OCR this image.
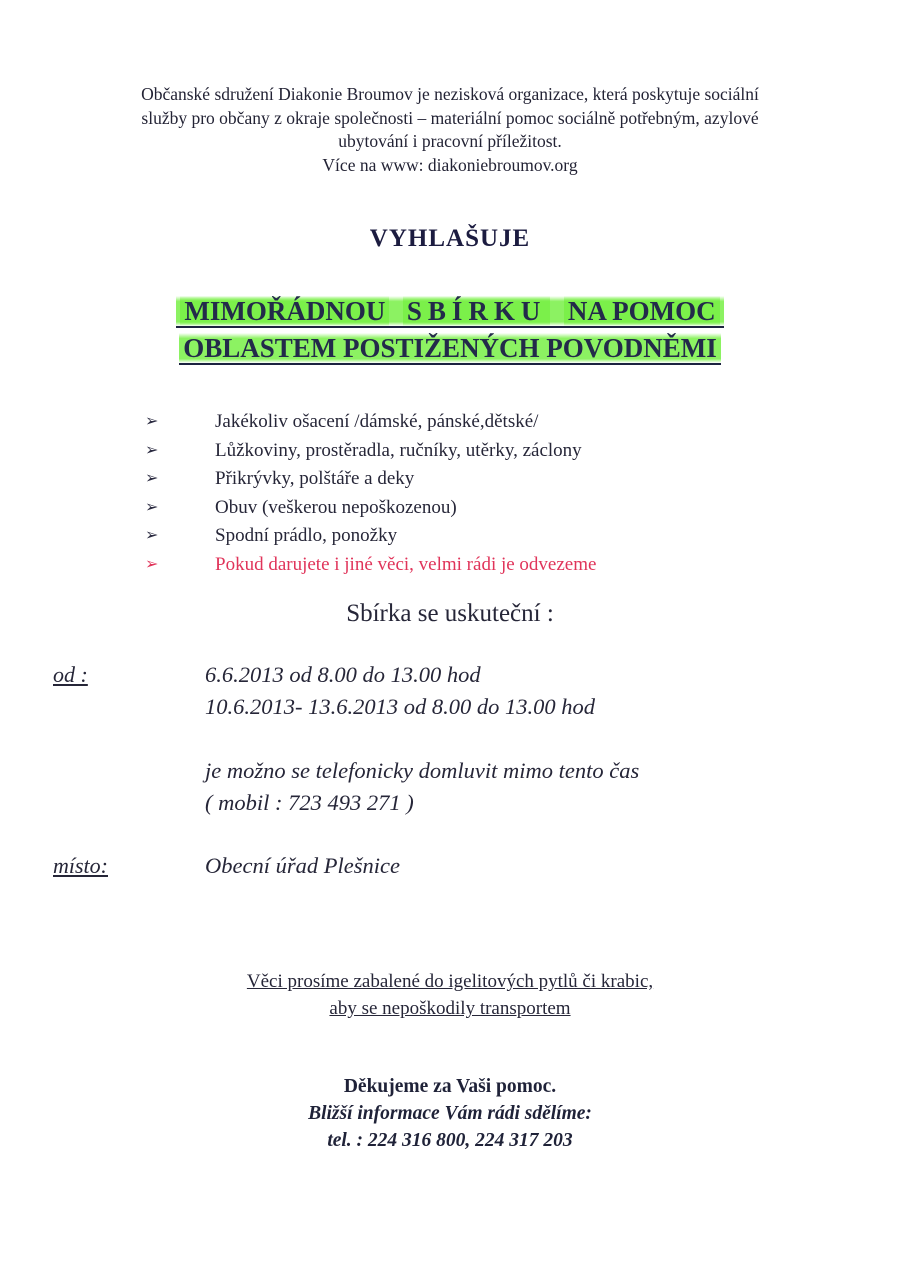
Občanské sdružení Diakonie Broumov je nezisková organizace, která poskytuje sociální
služby pro občany z okraje společnosti – materiální pomoc sociálně potřebným, azylové
ubytování i pracovní příležitost.
Více na www: diakoniebroumov.org
VYHLAŠUJE
MIMOŘÁDNOU SBÍRKU NA POMOC
OBLASTEM POSTIŽENÝCH POVODNĚMI
➢	Jakékoliv ošacení /dámské, pánské,dětské/
➢	Lůžkoviny, prostěradla, ručníky, utěrky, záclony
➢	Přikrývky, polštáře a deky
➢	Obuv (veškerou nepoškozenou)
➢	Spodní prádlo, ponožky
➢	Pokud darujete i jiné věci, velmi rádi je odvezeme
Sbírka se uskuteční :
od :	6.6.2013 od 8.00 do 13.00 hod
10.6.2013- 13.6.2013 od 8.00 do 13.00 hod
je možno se telefonicky domluvit mimo tento čas
( mobil : 723 493 271 )
místo:	Obecní úřad Plešnice
Věci prosíme zabalené do igelitových pytlů či krabic,
aby se nepoškodily transportem
Děkujeme za Vaši pomoc.
Bližší informace Vám rádi sdělíme:
tel. : 224 316 800, 224 317 203
